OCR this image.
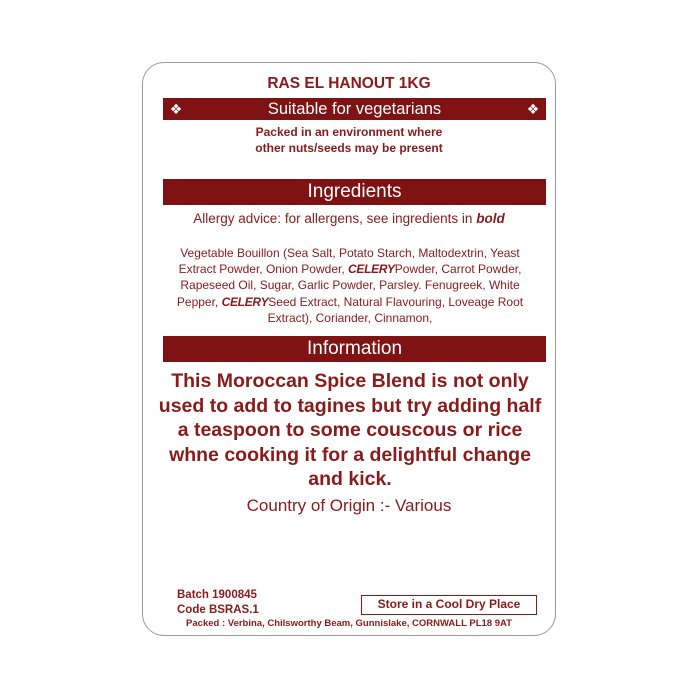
RAS EL HANOUT 1KG
❖	Suitable for vegetarians	❖
Packed in an environment where
other nuts/seeds may be present
Ingredients
Allergy advice: for allergens, see ingredients in bold
Vegetable Bouillon (Sea Salt, Potato Starch, Maltodextrin, Yeast Extract Powder, Onion Powder, CELERYPowder, Carrot Powder, Rapeseed Oil, Sugar, Garlic Powder, Parsley. Fenugreek, White Pepper, CELERYSeed Extract, Natural Flavouring, Loveage Root Extract), Coriander, Cinnamon,
Information
This Moroccan Spice Blend is not only used to add to tagines but try adding half a teaspoon to some couscous or rice whne cooking it for a delightful change and kick.
Country of Origin :- Various
Batch 1900845
Code BSRAS.1	Store in a Cool Dry Place
Packed : Verbina, Chilsworthy Beam, Gunnislake, CORNWALL PL18 9AT
